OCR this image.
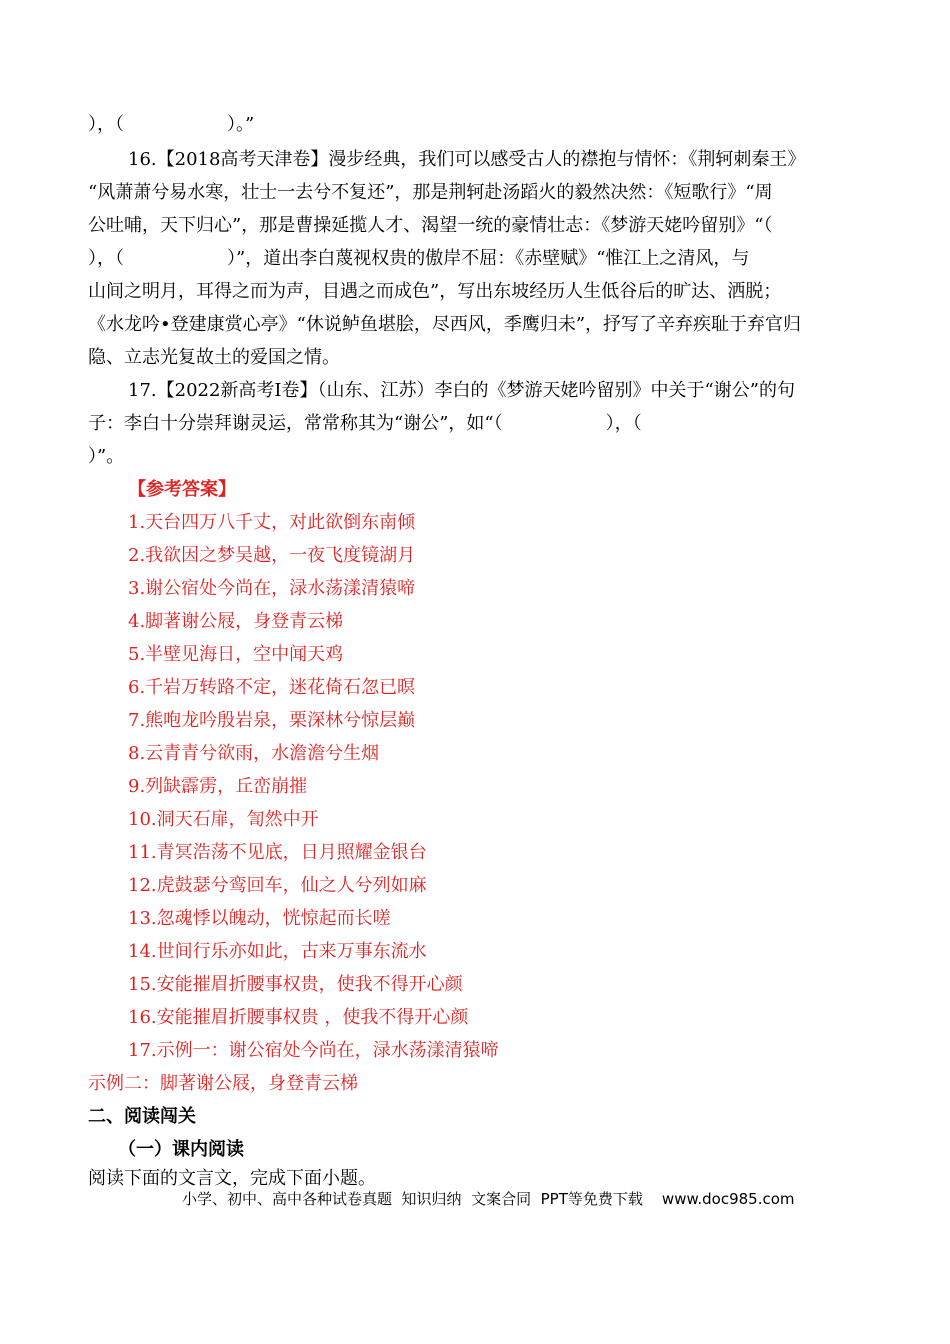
），（                  ）。”
16.【2018高考天津卷】漫步经典，我们可以感受古人的襟抱与情怀：《荆轲刺秦王》
“风萧萧兮易水寒，壮士一去兮不复还”，那是荆轲赴汤蹈火的毅然决然：《短歌行》“周
公吐哺，天下归心”，那是曹操延揽人才、渴望一统的豪情壮志：《梦游天姥吟留别》“（
），（                  ）”，道出李白蔑视权贵的傲岸不屈：《赤壁赋》“惟江上之清风，与
山间之明月，耳得之而为声，目遇之而成色”，写出东坡经历人生低谷后的旷达、洒脱；
《水龙吟•登建康赏心亭》“休说鲈鱼堪脍，尽西风，季鹰归未”，抒写了辛弃疾耻于弃官归
隐、立志光复故土的爱国之情。
17.【2022新高考Ⅰ卷】（山东、江苏）李白的《梦游天姥吟留别》中关于“谢公”的句
子：李白十分崇拜谢灵运，常常称其为“谢公”，如“（                  ），（
）”。
【参考答案】
1.天台四万八千丈，对此欲倒东南倾
2.我欲因之梦吴越，一夜飞度镜湖月
3.谢公宿处今尚在，渌水荡漾清猿啼
4.脚著谢公屐，身登青云梯
5.半壁见海日，空中闻天鸡
6.千岩万转路不定，迷花倚石忽已暝
7.熊咆龙吟殷岩泉，栗深林兮惊层巅
8.云青青兮欲雨，水澹澹兮生烟
9.列缺霹雳，丘峦崩摧
10.洞天石扉，訇然中开
11.青冥浩荡不见底，日月照耀金银台
12.虎鼓瑟兮鸾回车，仙之人兮列如麻
13.忽魂悸以魄动，恍惊起而长嗟
14.世间行乐亦如此，古来万事东流水
15.安能摧眉折腰事权贵，使我不得开心颜
16.安能摧眉折腰事权贵 ，使我不得开心颜
17.示例一：谢公宿处今尚在，渌水荡漾清猿啼
示例二：脚著谢公屐，身登青云梯
二、阅读闯关
（一）课内阅读
阅读下面的文言文，完成下面小题。
小学、初中、高中各种试卷真题  知识归纳  文案合同  PPT等免费下载    www.doc985.com
